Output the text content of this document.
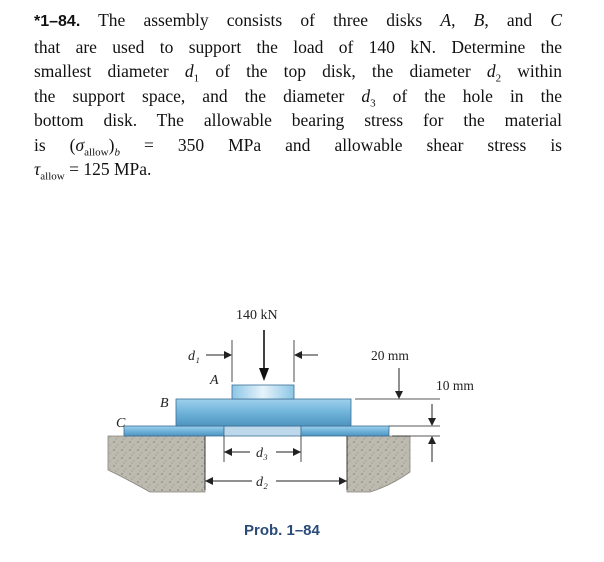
*1–84. The assembly consists of three disks A, B, and C
that are used to support the load of 140 kN. Determine the
smallest diameter $d_1$ of the top disk, the diameter $d_2$ within
the support space, and the diameter $d_3$ of the hole in the
bottom disk. The allowable bearing stress for the material
is $(\sigma_{allow})_b = 350$ MPa and allowable shear stress is
$\tau_{allow} = 125$ MPa.
140 kN
d₁
A
B
C
20 mm
10 mm
d₃
d₂
Prob. 1–84
